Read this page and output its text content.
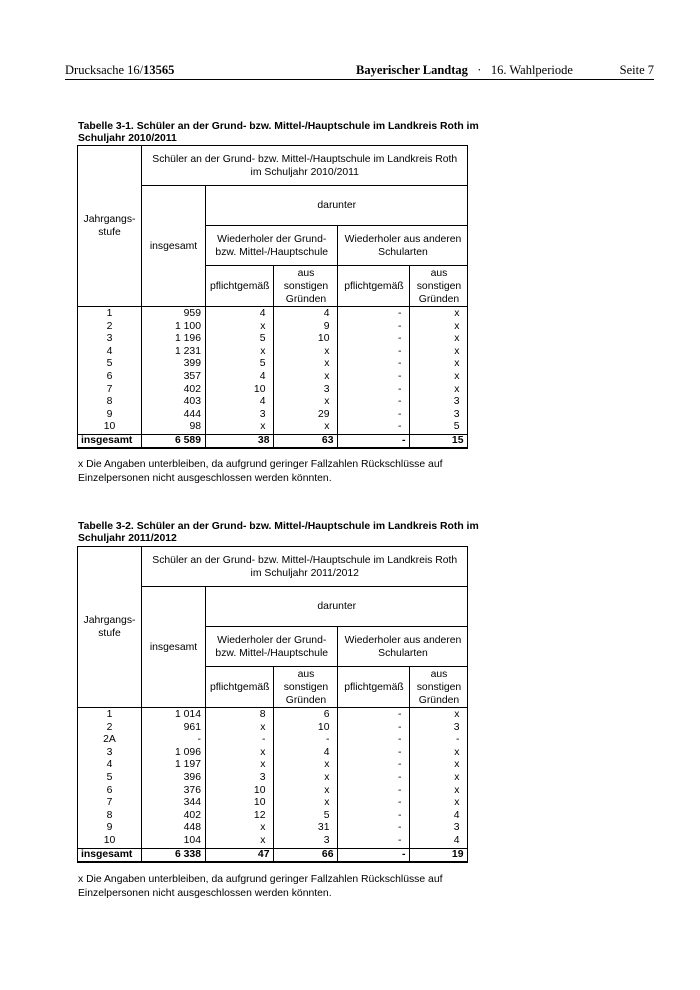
Drucksache 16/13565	Bayerischer Landtag · 16. Wahlperiode	Seite 7
Tabelle 3-1. Schüler an der Grund- bzw. Mittel-/Hauptschule im Landkreis Roth im Schuljahr 2010/2011
Jahrgangs-stufe	Schüler an der Grund- bzw. Mittel-/Hauptschule im Landkreis Roth im Schuljahr 2010/2011				
	insgesamt	darunter			
		Wiederholer der Grund- bzw. Mittel-/Hauptschule		Wiederholer aus anderen Schularten	
		pflichtgemäß	aus sonstigen Gründen	pflichtgemäß	aus sonstigen Gründen
1	959	4	4	-	x
2	1 100	x	9	-	x
3	1 196	5	10	-	x
4	1 231	x	x	-	x
5	399	5	x	-	x
6	357	4	x	-	x
7	402	10	3	-	x
8	403	4	x	-	3
9	444	3	29	-	3
10	98	x	x	-	5
insgesamt	6 589	38	63	-	15
x Die Angaben unterbleiben, da aufgrund geringer Fallzahlen Rückschlüsse auf Einzelpersonen nicht ausgeschlossen werden könnten.
Tabelle 3-2. Schüler an der Grund- bzw. Mittel-/Hauptschule im Landkreis Roth im Schuljahr 2011/2012
Jahrgangs-stufe	Schüler an der Grund- bzw. Mittel-/Hauptschule im Landkreis Roth im Schuljahr 2011/2012				
	insgesamt	darunter			
		Wiederholer der Grund- bzw. Mittel-/Hauptschule		Wiederholer aus anderen Schularten	
		pflichtgemäß	aus sonstigen Gründen	pflichtgemäß	aus sonstigen Gründen
1	1 014	8	6	-	x
2	961	x	10	-	3
2A	-	-	-	-	-
3	1 096	x	4	-	x
4	1 197	x	x	-	x
5	396	3	x	-	x
6	376	10	x	-	x
7	344	10	x	-	x
8	402	12	5	-	4
9	448	x	31	-	3
10	104	x	3	-	4
insgesamt	6 338	47	66	-	19
x Die Angaben unterbleiben, da aufgrund geringer Fallzahlen Rückschlüsse auf Einzelpersonen nicht ausgeschlossen werden könnten.
